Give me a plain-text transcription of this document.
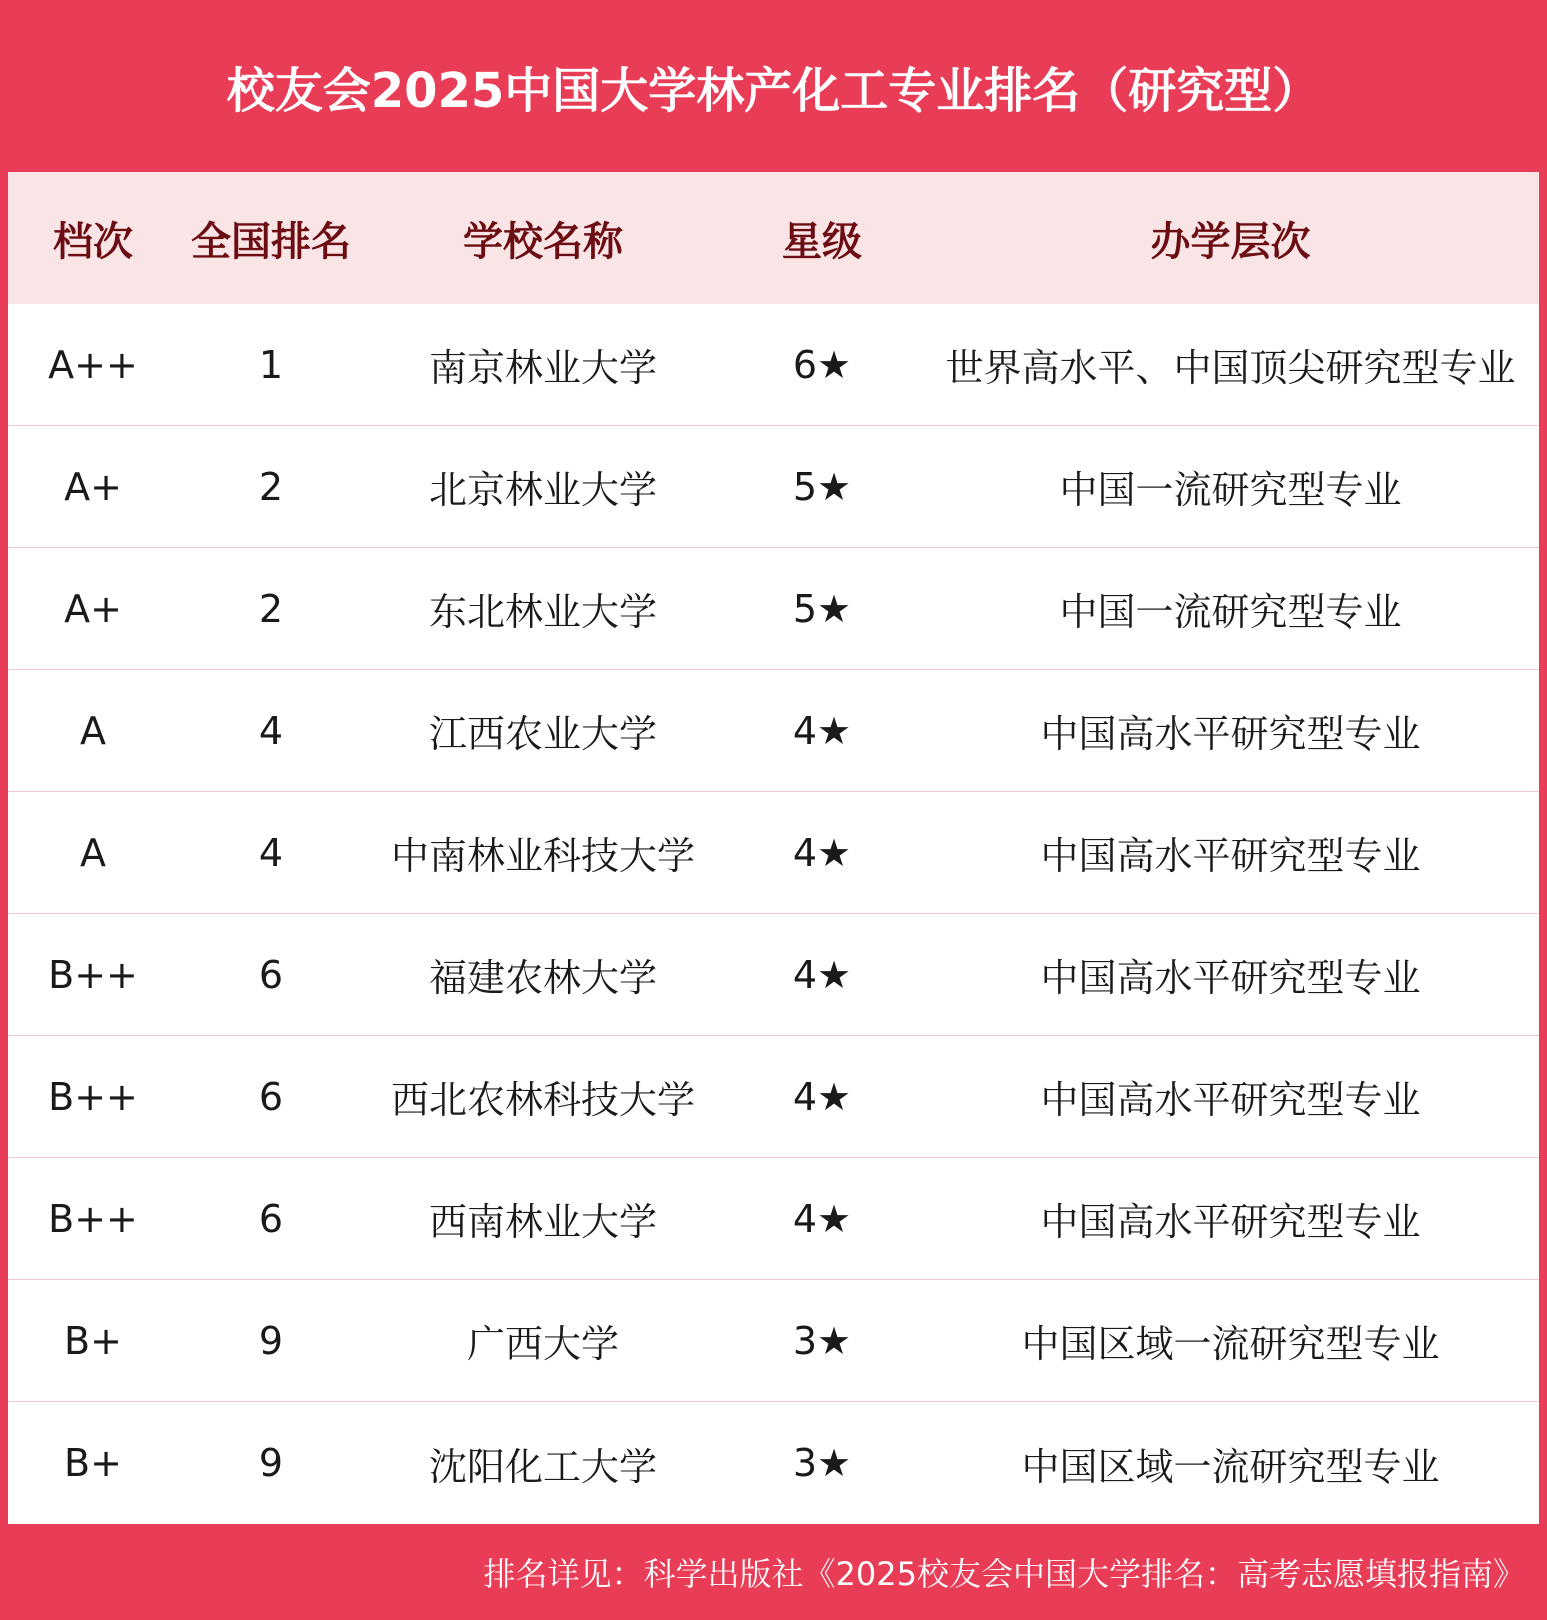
校友会2025中国大学林产化工专业排名（研究型）
档次	全国排名	学校名称	星级	办学层次
A++	1	南京林业大学	6★	世界高水平、中国顶尖研究型专业
A+	2	北京林业大学	5★	中国一流研究型专业
A+	2	东北林业大学	5★	中国一流研究型专业
A	4	江西农业大学	4★	中国高水平研究型专业
A	4	中南林业科技大学	4★	中国高水平研究型专业
B++	6	福建农林大学	4★	中国高水平研究型专业
B++	6	西北农林科技大学	4★	中国高水平研究型专业
B++	6	西南林业大学	4★	中国高水平研究型专业
B+	9	广西大学	3★	中国区域一流研究型专业
B+	9	沈阳化工大学	3★	中国区域一流研究型专业
排名详见：科学出版社《2025校友会中国大学排名：高考志愿填报指南》
